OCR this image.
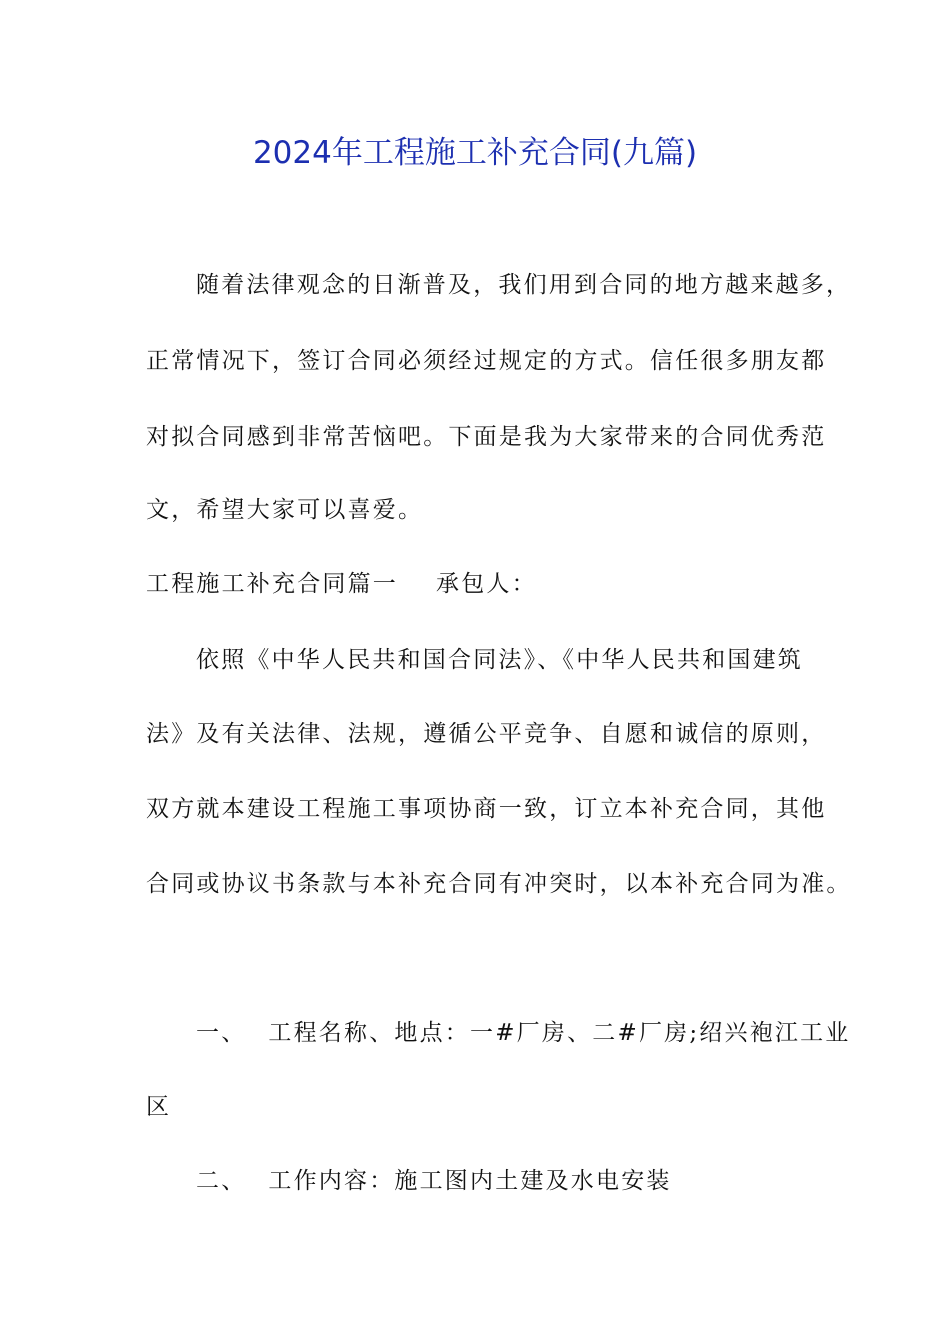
2024年工程施工补充合同(九篇)
随着法律观念的日渐普及，我们用到合同的地方越来越多，
正常情况下，签订合同必须经过规定的方式。信任很多朋友都
对拟合同感到非常苦恼吧。下面是我为大家带来的合同优秀范
文，希望大家可以喜爱。
工程施工补充合同篇一 承包人：
依照《中华人民共和国合同法》、《中华人民共和国建筑
法》及有关法律、法规，遵循公平竞争、自愿和诚信的原则，
双方就本建设工程施工事项协商一致，订立本补充合同，其他
合同或协议书条款与本补充合同有冲突时，以本补充合同为准。
一、 工程名称、地点：一#厂房、二#厂房;绍兴袍江工业
区
二、 工作内容：施工图内土建及水电安装
